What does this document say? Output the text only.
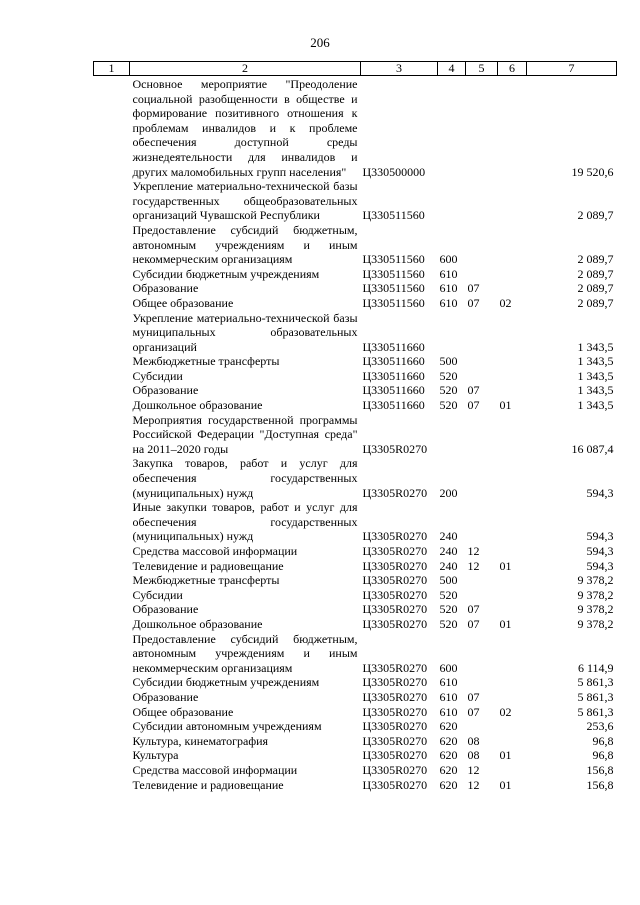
206
1	2	3	4	5	6	7
	Основное мероприятие "Преодоление социальной разобщенности в обществе и формирование позитивного отношения к проблемам инвалидов и к проблеме обеспечения доступной среды жизнедеятельности для инвалидов и других маломобильных групп населения"	Ц330500000				19 520,6
	Укрепление материально-технической базы государственных общеобразовательных организаций Чувашской Республики	Ц330511560				2 089,7
	Предоставление субсидий бюджетным, автономным учреждениям и иным некоммерческим организациям	Ц330511560	600			2 089,7
	Субсидии бюджетным учреждениям	Ц330511560	610			2 089,7
	Образование	Ц330511560	610	07		2 089,7
	Общее образование	Ц330511560	610	07	02	2 089,7
	Укрепление материально-технической базы муниципальных образовательных организаций	Ц330511660				1 343,5
	Межбюджетные трансферты	Ц330511660	500			1 343,5
	Субсидии	Ц330511660	520			1 343,5
	Образование	Ц330511660	520	07		1 343,5
	Дошкольное образование	Ц330511660	520	07	01	1 343,5
	Мероприятия государственной программы Российской Федерации "Доступная среда" на 2011–2020 годы	Ц3305R0270				16 087,4
	Закупка товаров, работ и услуг для обеспечения государственных (муниципальных) нужд	Ц3305R0270	200			594,3
	Иные закупки товаров, работ и услуг для обеспечения государственных (муниципальных) нужд	Ц3305R0270	240			594,3
	Средства массовой информации	Ц3305R0270	240	12		594,3
	Телевидение и радиовещание	Ц3305R0270	240	12	01	594,3
	Межбюджетные трансферты	Ц3305R0270	500			9 378,2
	Субсидии	Ц3305R0270	520			9 378,2
	Образование	Ц3305R0270	520	07		9 378,2
	Дошкольное образование	Ц3305R0270	520	07	01	9 378,2
	Предоставление субсидий бюджетным, автономным учреждениям и иным некоммерческим организациям	Ц3305R0270	600			6 114,9
	Субсидии бюджетным учреждениям	Ц3305R0270	610			5 861,3
	Образование	Ц3305R0270	610	07		5 861,3
	Общее образование	Ц3305R0270	610	07	02	5 861,3
	Субсидии автономным учреждениям	Ц3305R0270	620			253,6
	Культура, кинематография	Ц3305R0270	620	08		96,8
	Культура	Ц3305R0270	620	08	01	96,8
	Средства массовой информации	Ц3305R0270	620	12		156,8
	Телевидение и радиовещание	Ц3305R0270	620	12	01	156,8
